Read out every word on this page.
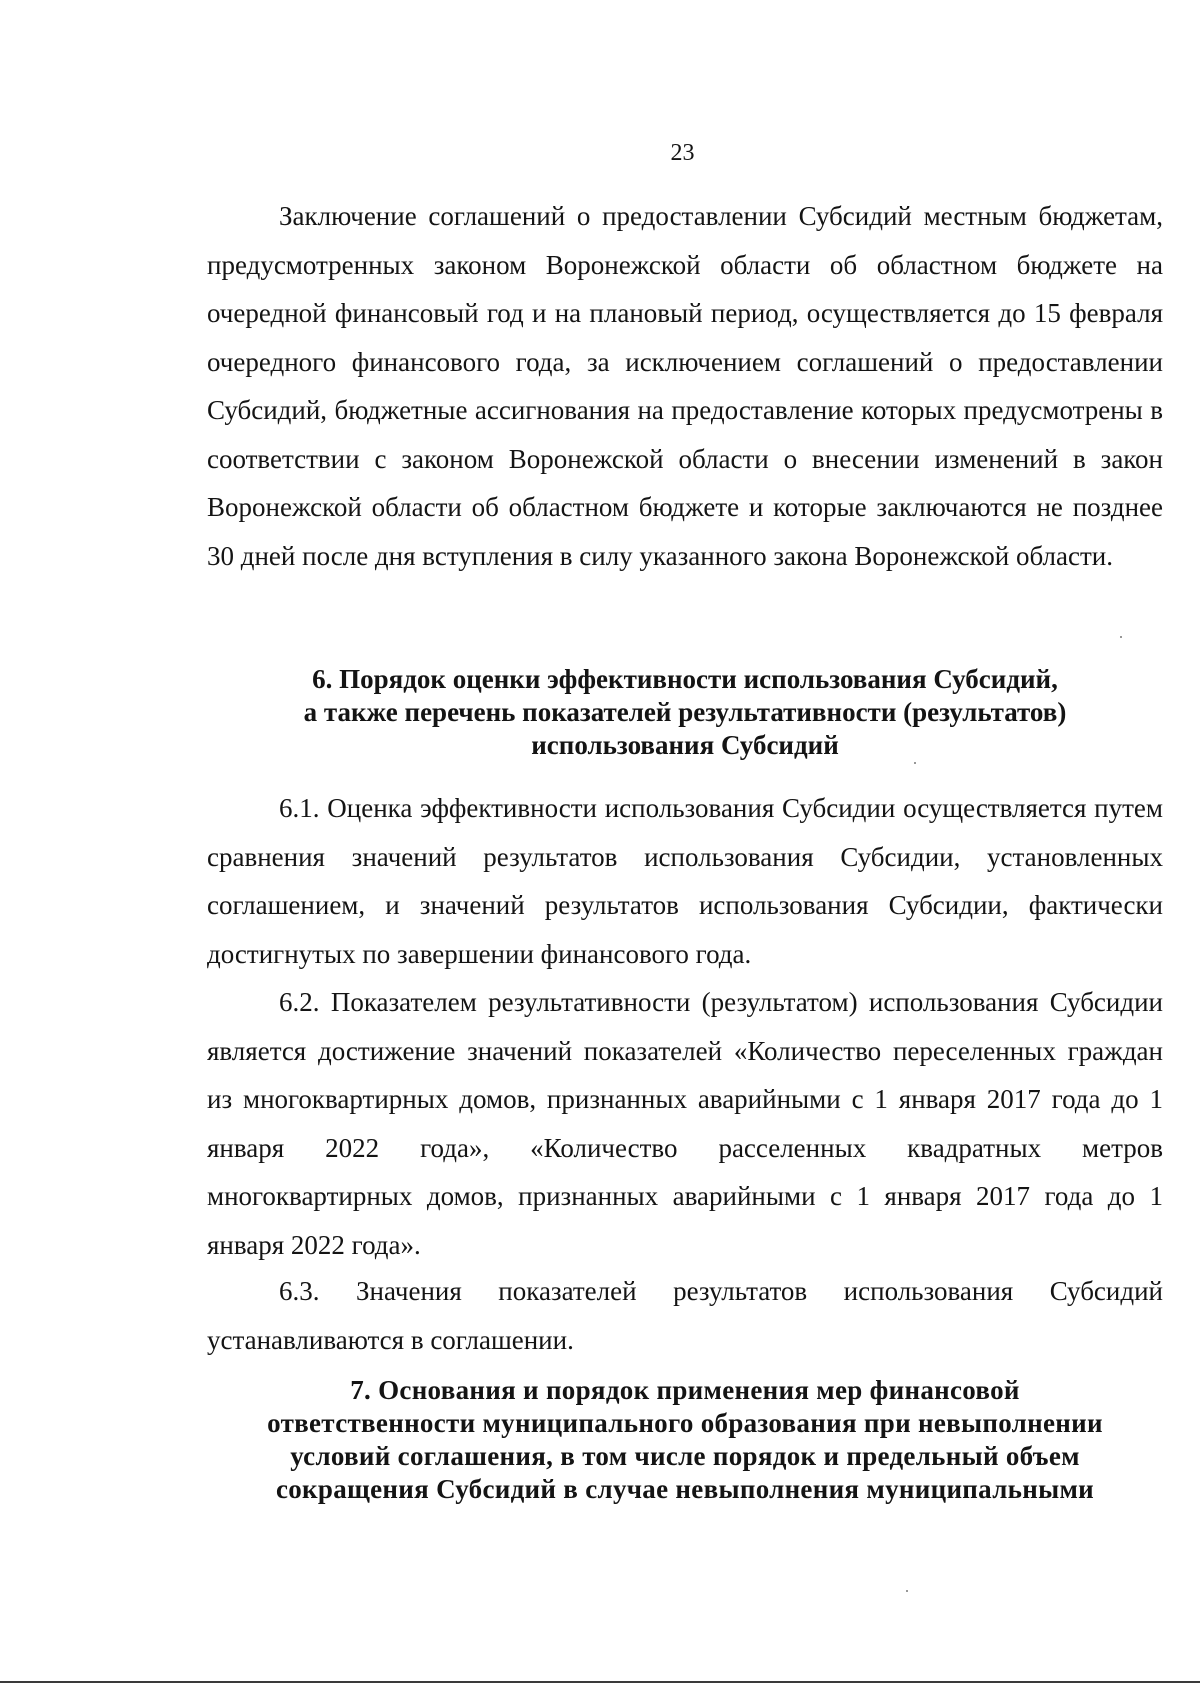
23

Заключение соглашений о предоставлении Субсидий местным бюджетам, предусмотренных законом Воронежской области об областном бюджете на очередной финансовый год и на плановый период, осуществляется до 15 февраля очередного финансового года, за исключением соглашений о предоставлении Субсидий, бюджетные ассигнования на предоставление которых предусмотрены в соответствии с законом Воронежской области о внесении изменений в закон Воронежской области об областном бюджете и которые заключаются не позднее 30 дней после дня вступления в силу указанного закона Воронежской области.

6. Порядок оценки эффективности использования Субсидий,
а также перечень показателей результативности (результатов)
использования Субсидий

6.1. Оценка эффективности использования Субсидии осуществляется путем сравнения значений результатов использования Субсидии, установленных соглашением, и значений результатов использования Субсидии, фактически достигнутых по завершении финансового года.

6.2. Показателем результативности (результатом) использования Субсидии является достижение значений показателей «Количество переселенных граждан из многоквартирных домов, признанных аварийными с 1 января 2017 года до 1 января 2022 года», «Количество расселенных квадратных метров многоквартирных домов, признанных аварийными с 1 января 2017 года до 1 января 2022 года».

6.3. Значения показателей результатов использования Субсидий устанавливаются в соглашении.

7. Основания и порядок применения мер финансовой
ответственности муниципального образования при невыполнении
условий соглашения, в том числе порядок и предельный объем
сокращения Субсидий в случае невыполнения муниципальными
